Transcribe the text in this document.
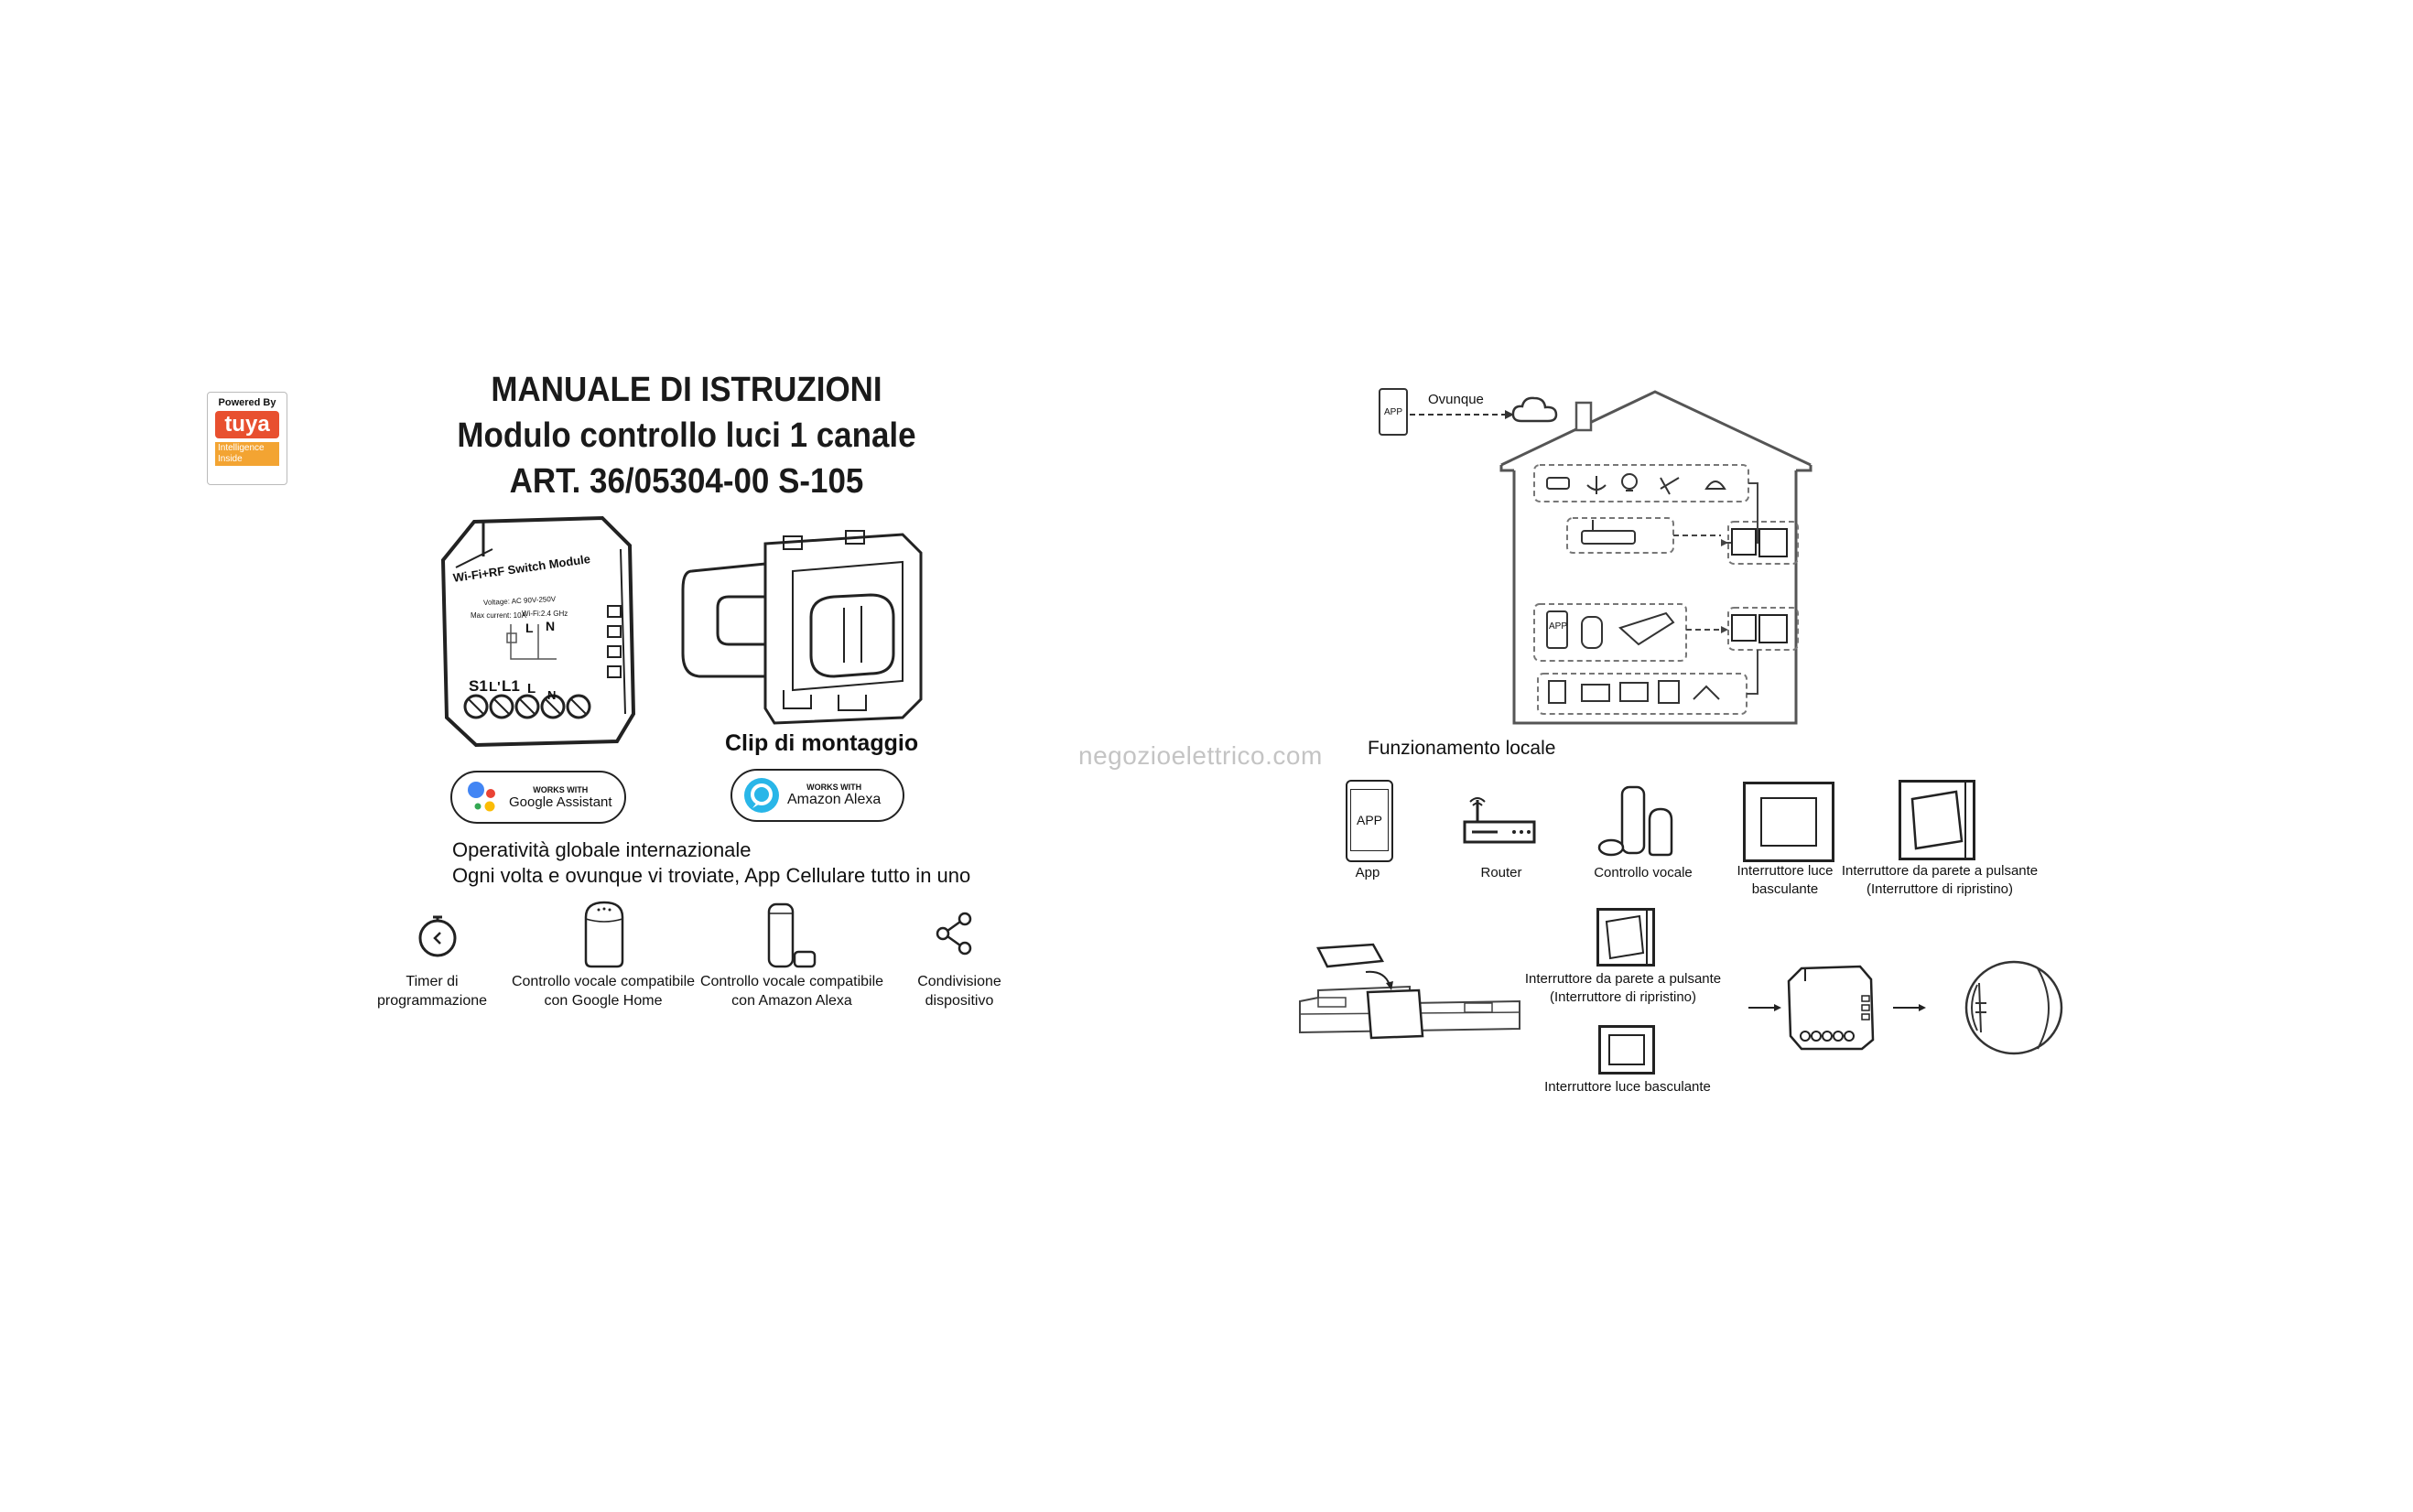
Powered By
tuya
Intelligence
Inside
MANUALE DI ISTRUZIONI
Modulo controllo luci 1 canale
ART. 36/05304-00 S-105
Wi-Fi+RF Switch Module
Voltage: AC 90V-250V
Max current: 10A
Wi-Fi:2.4 GHz
L N
S1 L' L1 L N
Clip di montaggio
WORKS WITH
Google Assistant
WORKS WITH
Amazon Alexa
Operatività globale internazionale
Ogni volta e ovunque vi troviate, App Cellulare tutto in uno
Timer di
programmazione
Controllo vocale compatibile
con Google Home
Controllo vocale compatibile
con Amazon Alexa
Condivisione
dispositivo
negozioelettrico.com
APP
Ovunque
APP
Funzionamento locale
APP
App	Router	Controllo vocale	Interruttore luce
basculante
Interruttore da parete a pulsante
(Interruttore di ripristino)
Interruttore da parete a pulsante
(Interruttore di ripristino)
Interruttore luce basculante
